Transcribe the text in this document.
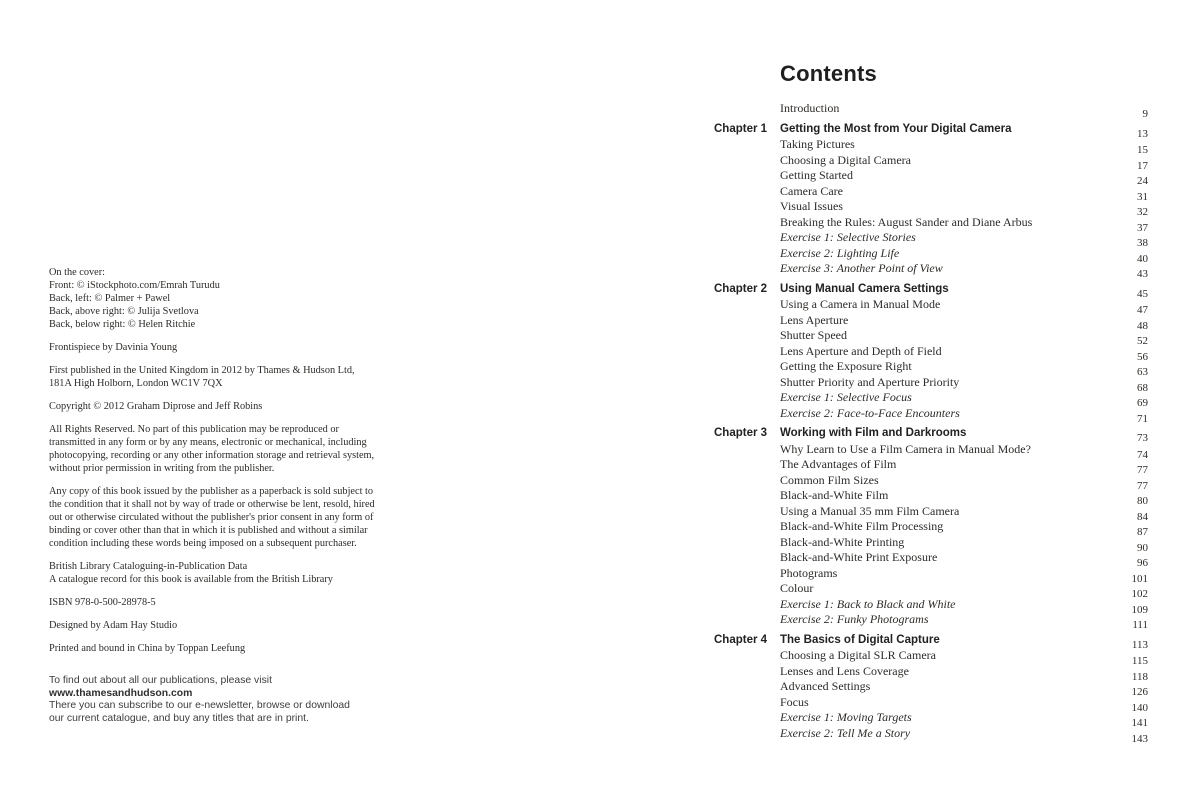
On the cover:
Front: © iStockphoto.com/Emrah Turudu
Back, left: © Palmer + Pawel
Back, above right: © Julija Svetlova
Back, below right: © Helen Ritchie
Frontispiece by Davinia Young
First published in the United Kingdom in 2012 by Thames & Hudson Ltd,
181A High Holborn, London WC1V 7QX
Copyright © 2012 Graham Diprose and Jeff Robins
All Rights Reserved. No part of this publication may be reproduced or
transmitted in any form or by any means, electronic or mechanical, including
photocopying, recording or any other information storage and retrieval system,
without prior permission in writing from the publisher.
Any copy of this book issued by the publisher as a paperback is sold subject to
the condition that it shall not by way of trade or otherwise be lent, resold, hired
out or otherwise circulated without the publisher's prior consent in any form of
binding or cover other than that in which it is published and without a similar
condition including these words being imposed on a subsequent purchaser.
British Library Cataloguing-in-Publication Data
A catalogue record for this book is available from the British Library
ISBN 978-0-500-28978-5
Designed by Adam Hay Studio
Printed and bound in China by Toppan Leefung
To find out about all our publications, please visit
www.thamesandhudson.com
There you can subscribe to our e-newsletter, browse or download
our current catalogue, and buy any titles that are in print.
Contents
Introduction	9
Chapter 1	Getting the Most from Your Digital Camera	13
Taking Pictures	15
Choosing a Digital Camera	17
Getting Started	24
Camera Care	31
Visual Issues	32
Breaking the Rules: August Sander and Diane Arbus	37
Exercise 1: Selective Stories	38
Exercise 2: Lighting Life	40
Exercise 3: Another Point of View	43
Chapter 2	Using Manual Camera Settings	45
Using a Camera in Manual Mode	47
Lens Aperture	48
Shutter Speed	52
Lens Aperture and Depth of Field	56
Getting the Exposure Right	63
Shutter Priority and Aperture Priority	68
Exercise 1: Selective Focus	69
Exercise 2: Face-to-Face Encounters	71
Chapter 3	Working with Film and Darkrooms	73
Why Learn to Use a Film Camera in Manual Mode?	74
The Advantages of Film	77
Common Film Sizes	77
Black-and-White Film	80
Using a Manual 35 mm Film Camera	84
Black-and-White Film Processing	87
Black-and-White Printing	90
Black-and-White Print Exposure	96
Photograms	101
Colour	102
Exercise 1: Back to Black and White	109
Exercise 2: Funky Photograms	111
Chapter 4	The Basics of Digital Capture	113
Choosing a Digital SLR Camera	115
Lenses and Lens Coverage	118
Advanced Settings	126
Focus	140
Exercise 1: Moving Targets	141
Exercise 2: Tell Me a Story	143
